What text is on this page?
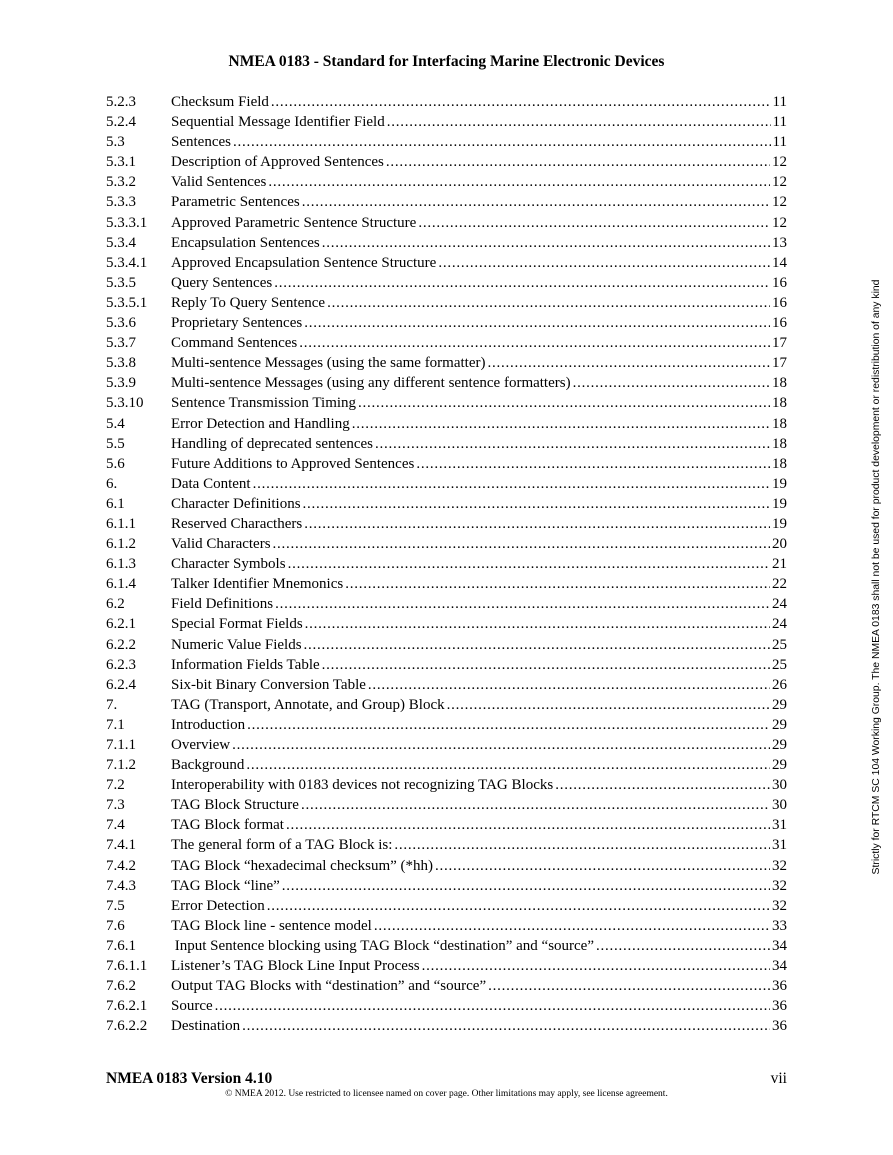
NMEA 0183 - Standard for Interfacing Marine Electronic Devices
5.2.3	Checksum Field . . .	11
5.2.4	Sequential Message Identifier Field . . .	11
5.3	Sentences . . .	11
5.3.1	Description of Approved Sentences . . .	12
5.3.2	Valid Sentences . . .	12
5.3.3	Parametric Sentences . . .	12
5.3.3.1	Approved Parametric Sentence Structure . . .	12
5.3.4	Encapsulation Sentences . . .	13
5.3.4.1	Approved Encapsulation Sentence Structure . . .	14
5.3.5	Query Sentences . . .	16
5.3.5.1	Reply To Query Sentence . . .	16
5.3.6	Proprietary Sentences . . .	16
5.3.7	Command Sentences . . .	17
5.3.8	Multi-sentence Messages (using the same formatter) . . .	17
5.3.9	Multi-sentence Messages (using any different sentence formatters) . . .	18
5.3.10	Sentence Transmission Timing . . .	18
5.4	Error Detection and Handling . . .	18
5.5	Handling of deprecated sentences . . .	18
5.6	Future Additions to Approved Sentences . . .	18
6.	Data Content . . .	19
6.1	Character Definitions . . .	19
6.1.1	Reserved Characthers . . .	19
6.1.2	Valid Characters . . .	20
6.1.3	Character Symbols . . .	21
6.1.4	Talker Identifier Mnemonics . . .	22
6.2	Field Definitions . . .	24
6.2.1	Special Format Fields . . .	24
6.2.2	Numeric Value Fields . . .	25
6.2.3	Information Fields Table . . .	25
6.2.4	Six-bit Binary Conversion Table . . .	26
7.	TAG (Transport, Annotate, and Group) Block . . .	29
7.1	Introduction . . .	29
7.1.1	Overview . . .	29
7.1.2	Background . . .	29
7.2	Interoperability with 0183 devices not recognizing TAG Blocks . . .	30
7.3	TAG Block Structure . . .	30
7.4	TAG Block format . . .	31
7.4.1	The general form of a TAG Block is: . . .	31
7.4.2	TAG Block “hexadecimal checksum” (*hh) . . .	32
7.4.3	TAG Block “line” . . .	32
7.5	Error Detection . . .	32
7.6	TAG Block line - sentence model . . .	33
7.6.1	Input Sentence blocking using TAG Block “destination” and “source” . . .	34
7.6.1.1	Listener’s TAG Block Line Input Process . . .	34
7.6.2	Output TAG Blocks with “destination” and “source” . . .	36
7.6.2.1	Source . . .	36
7.6.2.2	Destination . . .	36
NMEA 0183 Version 4.10	vii
© NMEA 2012. Use restricted to licensee named on cover page. Other limitations may apply, see license agreement.
Strictly for RTCM SC 104 Working Group. The NMEA 0183 shall not be used for product development or redistribution of any kind
